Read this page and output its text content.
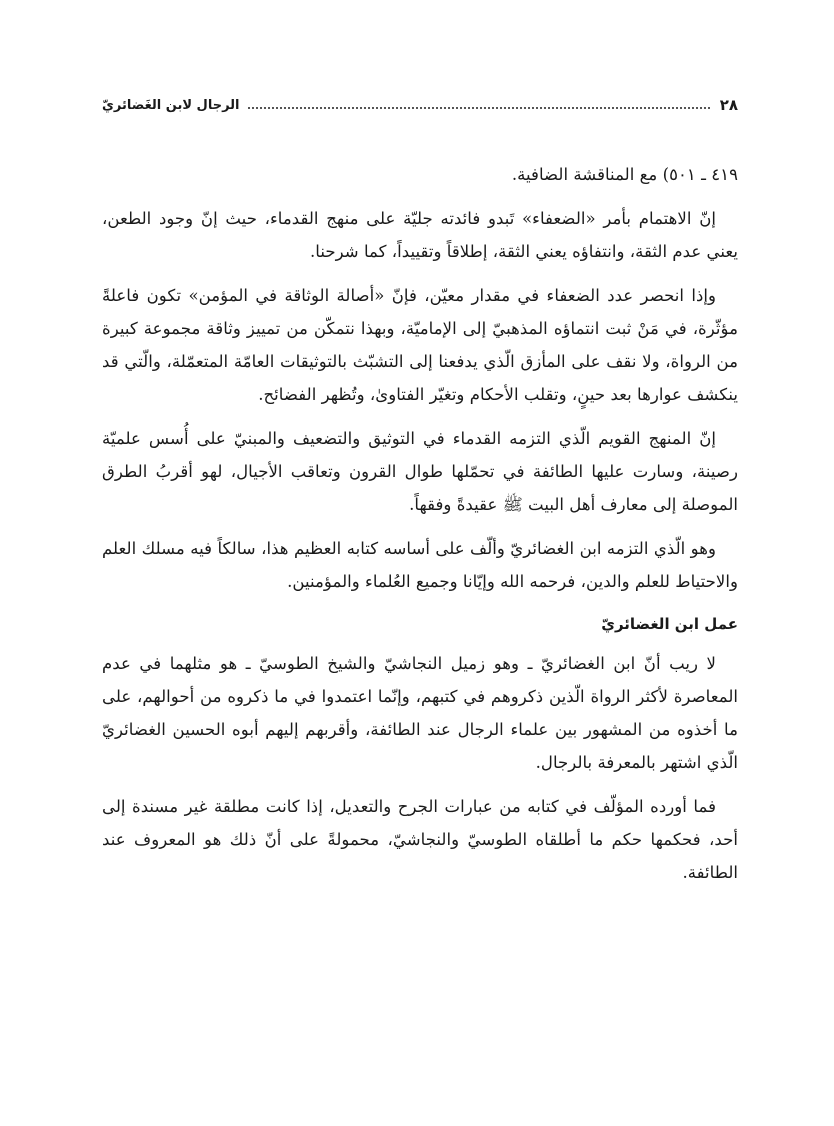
٢٨
الرجال لابن الغَضائريّ

٤١٩ ـ ٥٠١) مع المناقشة الضافية.

إنّ الاهتمام بأمر «الضعفاء» تَبدو فائدته جليّة على منهج القدماء، حيث إنّ وجود الطعن، يعني عدم الثقة، وانتفاؤه يعني الثقة، إطلاقاً وتقييداً، كما شرحنا.

وإذا انحصر عدد الضعفاء في مقدار معيّن، فإنّ «أصالة الوثاقة في المؤمن» تكون فاعلةً مؤثّرة، في مَنْ ثبت انتماؤه المذهبيّ إلى الإماميّة، وبهذا نتمكّن من تمييز وثاقة مجموعة كبيرة من الرواة، ولا نقف على المأزق الّذي يدفعنا إلى التشبّث بالتوثيقات العامّة المتعمّلة، والّتي قد ينكشف عوارها بعد حينٍ، وتقلب الأحكام وتغيّر الفتاوىٰ، وتُظهر الفضائح.

إنّ المنهج القويم الّذي التزمه القدماء في التوثيق والتضعيف والمبنيّ على أُسس علميّة رصينة، وسارت عليها الطائفة في تحمّلها طوال القرون وتعاقب الأجيال، لهو أقربُ الطرق الموصلة إلى معارف أهل البيت ﷺ عقيدةً وفقهاً.

وهو الّذي التزمه ابن الغضائريّ وألّف على أساسه كتابه العظيم هذا، سالكاً فيه مسلك العلم والاحتياط للعلم والدين، فرحمه الله وإيّانا وجميع العُلماء والمؤمنين.

عمل ابن الغضائريّ

لا ريب أنّ ابن الغضائريّ ـ وهو زميل النجاشيّ والشيخ الطوسيّ ـ هو مثلهما في عدم المعاصرة لأكثر الرواة الّذين ذكروهم في كتبهم، وإنّما اعتمدوا في ما ذكروه من أحوالهم، على ما أخذوه من المشهور بين علماء الرجال عند الطائفة، وأقربهم إليهم أبوه الحسين الغضائريّ الّذي اشتهر بالمعرفة بالرجال.

فما أورده المؤلّف في كتابه من عبارات الجرح والتعديل، إذا كانت مطلقة غير مسندة إلى أحد، فحكمها حكم ما أطلقاه الطوسيّ والنجاشيّ، محمولةً على أنّ ذلك هو المعروف عند الطائفة.
